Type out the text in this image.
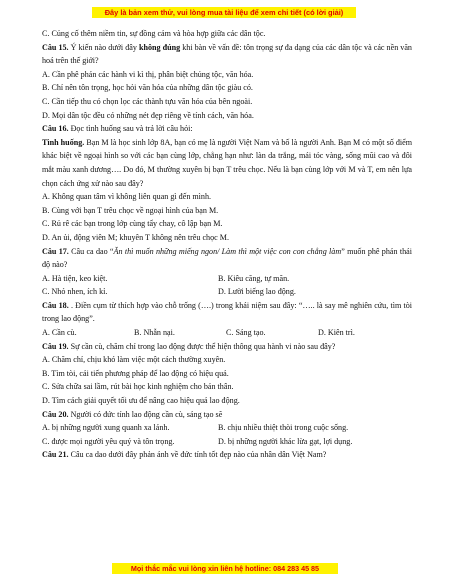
Đây là bản xem thử, vui lòng mua tài liệu để xem chi tiết (có lời giải)

C. Củng cố thêm niềm tin, sự đồng cảm và hòa hợp giữa các dân tộc.

Câu 15. Ý kiến nào dưới đây không đúng khi bàn về vấn đề: tôn trọng sự đa dạng của các dân tộc và các nền văn hoá trên thế giới?

A. Cần phê phán các hành vi kì thị, phân biệt chủng tộc, văn hóa.

B. Chỉ nên tôn trọng, học hỏi văn hóa của những dân tộc giàu có.

C. Cần tiếp thu có chọn lọc các thành tựu văn hóa của bên ngoài.

D. Mọi dân tộc đều có những nét đẹp riêng về tính cách, văn hóa.

Câu 16. Đọc tình huống sau và trả lời câu hỏi:

Tình huống. Bạn M là học sinh lớp 8A, bạn có mẹ là người Việt Nam và bố là người Anh. Bạn M có một số điểm khác biệt về ngoại hình so với các bạn cùng lớp, chẳng hạn như: làn da trắng, mái tóc vàng, sống mũi cao và đôi mắt màu xanh dương…. Do đó, M thường xuyên bị bạn T trêu chọc. Nếu là bạn cùng lớp với M và T, em nên lựa chọn cách ứng xử nào sau đây?

A. Không quan tâm vì không liên quan gì đến mình.

B. Cùng với bạn T trêu chọc về ngoại hình của bạn M.

C. Rủ rê các bạn trong lớp cùng tẩy chay, cô lập bạn M.

D. An ủi, động viên M; khuyên T không nên trêu chọc M.

Câu 17. Câu ca dao “Ăn thì muốn những miếng ngon/ Làm thì một việc con con chẳng làm” muốn phê phán thái độ nào?

A. Hà tiện, keo kiệt.	B. Kiêu căng, tự mãn.
C. Nhỏ nhen, ích kỉ.	D. Lười biếng lao động.

Câu 18. . Điền cụm từ thích hợp vào chỗ trống (….) trong khái niệm sau đây: “….. là say mê nghiên cứu, tìm tòi trong lao động”.

A. Cần cù.	B. Nhẫn nại.	C. Sáng tạo.	D. Kiên trì.

Câu 19. Sự cần cù, chăm chỉ trong lao động được thể hiện thông qua hành vi nào sau đây?

A. Chăm chỉ, chịu khó làm việc một cách thường xuyên.

B. Tìm tòi, cải tiến phương pháp để lao động có hiệu quả.

C. Sửa chữa sai lầm, rút bài học kinh nghiệm cho bản thân.

D. Tìm cách giải quyết tối ưu để nâng cao hiệu quả lao động.

Câu 20. Người có đức tính lao động cần cù, sáng tạo sẽ

A. bị những người xung quanh xa lánh.	B. chịu nhiều thiệt thòi trong cuộc sống.
C. được mọi người yêu quý và tôn trọng.	D. bị những người khác lừa gạt, lợi dụng.

Câu 21. Câu ca dao dưới đây phản ánh về đức tính tốt đẹp nào của nhân dân Việt Nam?

Mọi thắc mắc vui lòng xin liên hệ hotline: 084 283 45 85
